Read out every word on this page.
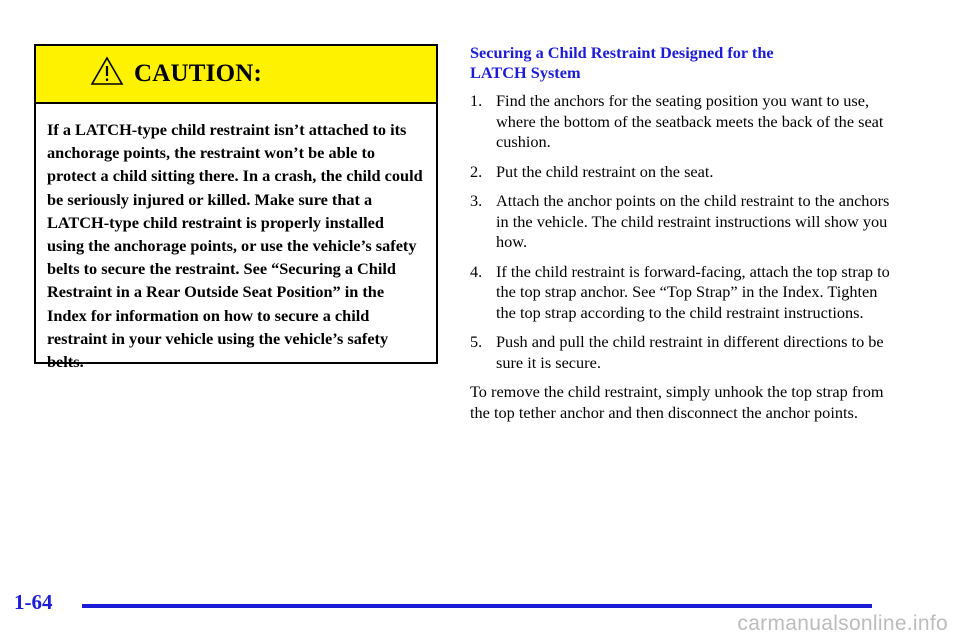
CAUTION:
If a LATCH-type child restraint isn’t attached to its anchorage points, the restraint won’t be able to protect a child sitting there. In a crash, the child could be seriously injured or killed. Make sure that a LATCH-type child restraint is properly installed using the anchorage points, or use the vehicle’s safety belts to secure the restraint. See “Securing a Child Restraint in a Rear Outside Seat Position” in the Index for information on how to secure a child restraint in your vehicle using the vehicle’s safety belts.
Securing a Child Restraint Designed for the
LATCH System
1. Find the anchors for the seating position you want to use, where the bottom of the seatback meets the back of the seat cushion.
2. Put the child restraint on the seat.
3. Attach the anchor points on the child restraint to the anchors in the vehicle. The child restraint instructions will show you how.
4. If the child restraint is forward-facing, attach the top strap to the top strap anchor. See “Top Strap” in the Index. Tighten the top strap according to the child restraint instructions.
5. Push and pull the child restraint in different directions to be sure it is secure.

To remove the child restraint, simply unhook the top strap from the top tether anchor and then disconnect the anchor points.

1-64
carmanualsonline.info
